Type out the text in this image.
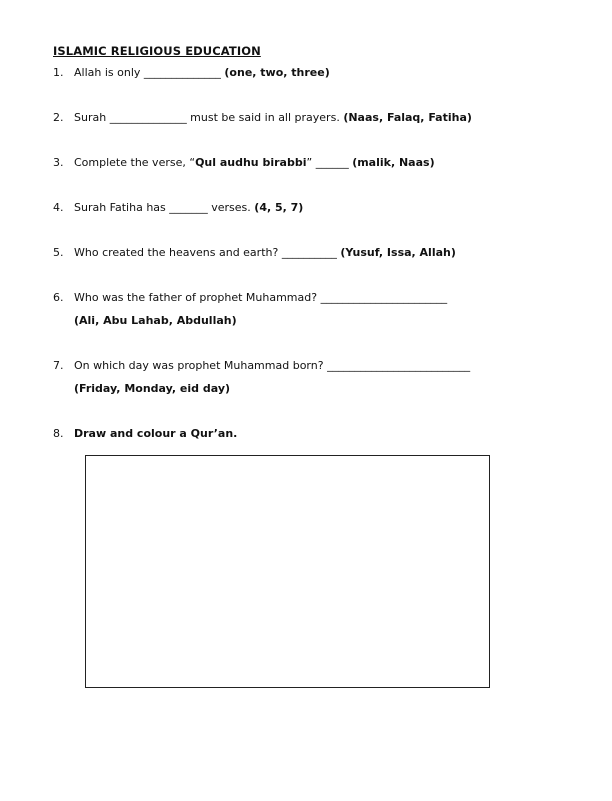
ISLAMIC RELIGIOUS EDUCATION
1. Allah is only ______________ (one, two, three)
2. Surah ______________ must be said in all prayers. (Naas, Falaq, Fatiha)
3. Complete the verse, “Qul audhu birabbi” ______ (malik, Naas)
4. Surah Fatiha has _______ verses. (4, 5, 7)
5. Who created the heavens and earth? __________ (Yusuf, Issa, Allah)
6. Who was the father of prophet Muhammad? _______________________
(Ali, Abu Lahab, Abdullah)
7. On which day was prophet Muhammad born? __________________________
(Friday, Monday, eid day)
8. Draw and colour a Qur’an.
